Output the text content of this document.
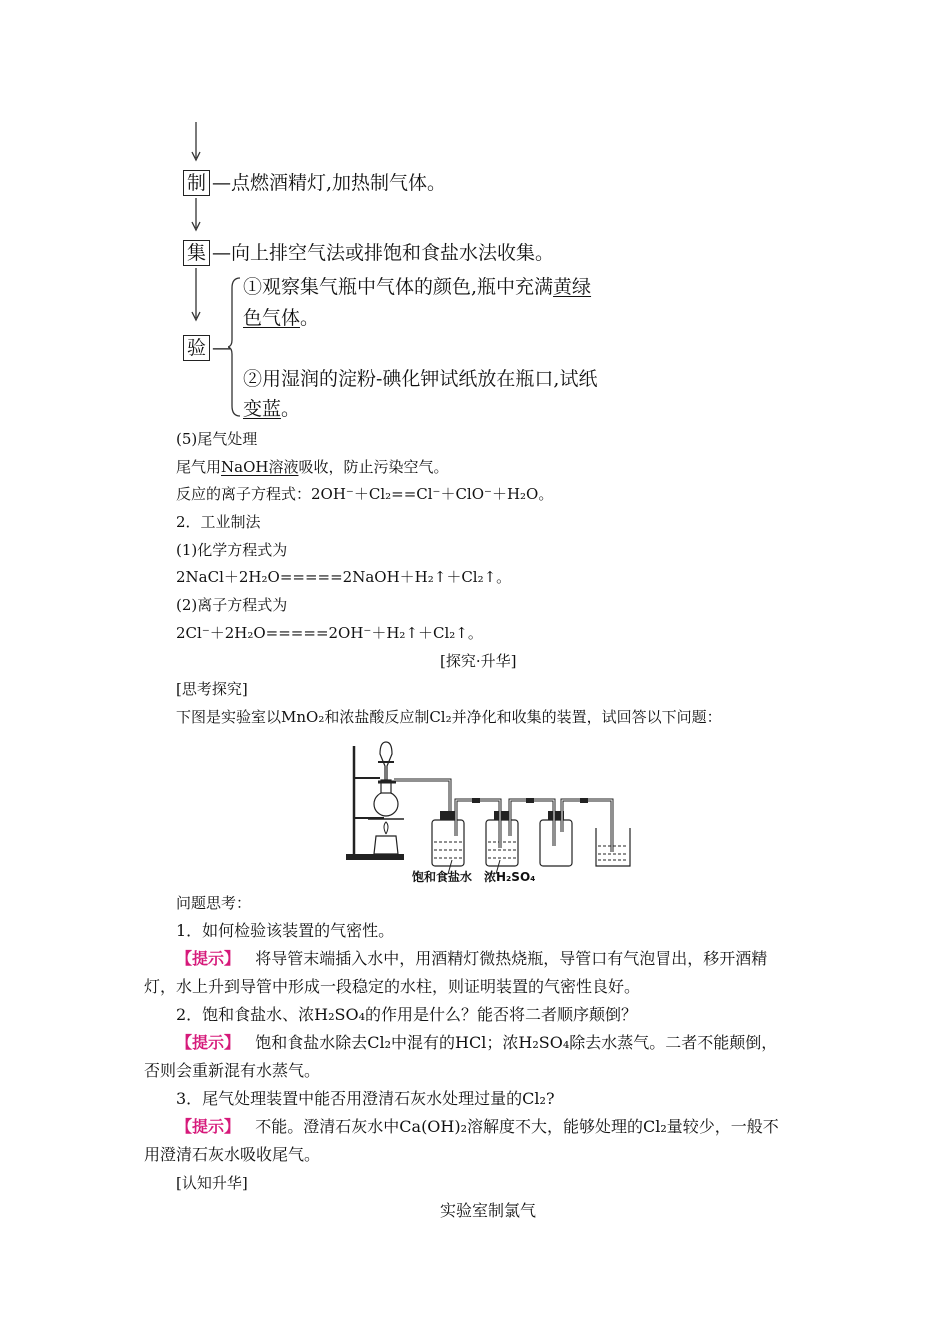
制 —点燃酒精灯,加热制气体。
集 —向上排空气法或排饱和食盐水法收集。
验 —
①观察集气瓶中气体的颜色,瓶中充满黄绿
色气体。
②用湿润的淀粉-碘化钾试纸放在瓶口,试纸
变蓝。
(5)尾气处理
尾气用NaOH溶液吸收，防止污染空气。
反应的离子方程式：2OH⁻＋Cl₂==Cl⁻＋ClO⁻＋H₂O。
2．工业制法
(1)化学方程式为
2NaCl＋2H₂O=====2NaOH＋H₂↑＋Cl₂↑。
(2)离子方程式为
2Cl⁻＋2H₂O=====2OH⁻＋H₂↑＋Cl₂↑。
[探究·升华]
[思考探究]
下图是实验室以MnO₂和浓盐酸反应制Cl₂并净化和收集的装置，试回答以下问题：
饱和食盐水 浓H₂SO₄
问题思考：
1．如何检验该装置的气密性。
【提示】 将导管末端插入水中，用酒精灯微热烧瓶，导管口有气泡冒出，移开酒精
灯，水上升到导管中形成一段稳定的水柱，则证明装置的气密性良好。
2．饱和食盐水、浓H₂SO₄的作用是什么？能否将二者顺序颠倒？
【提示】 饱和食盐水除去Cl₂中混有的HCl；浓H₂SO₄除去水蒸气。二者不能颠倒，
否则会重新混有水蒸气。
3．尾气处理装置中能否用澄清石灰水处理过量的Cl₂?
【提示】 不能。澄清石灰水中Ca(OH)₂溶解度不大，能够处理的Cl₂量较少，一般不
用澄清石灰水吸收尾气。
[认知升华]
实验室制氯气
